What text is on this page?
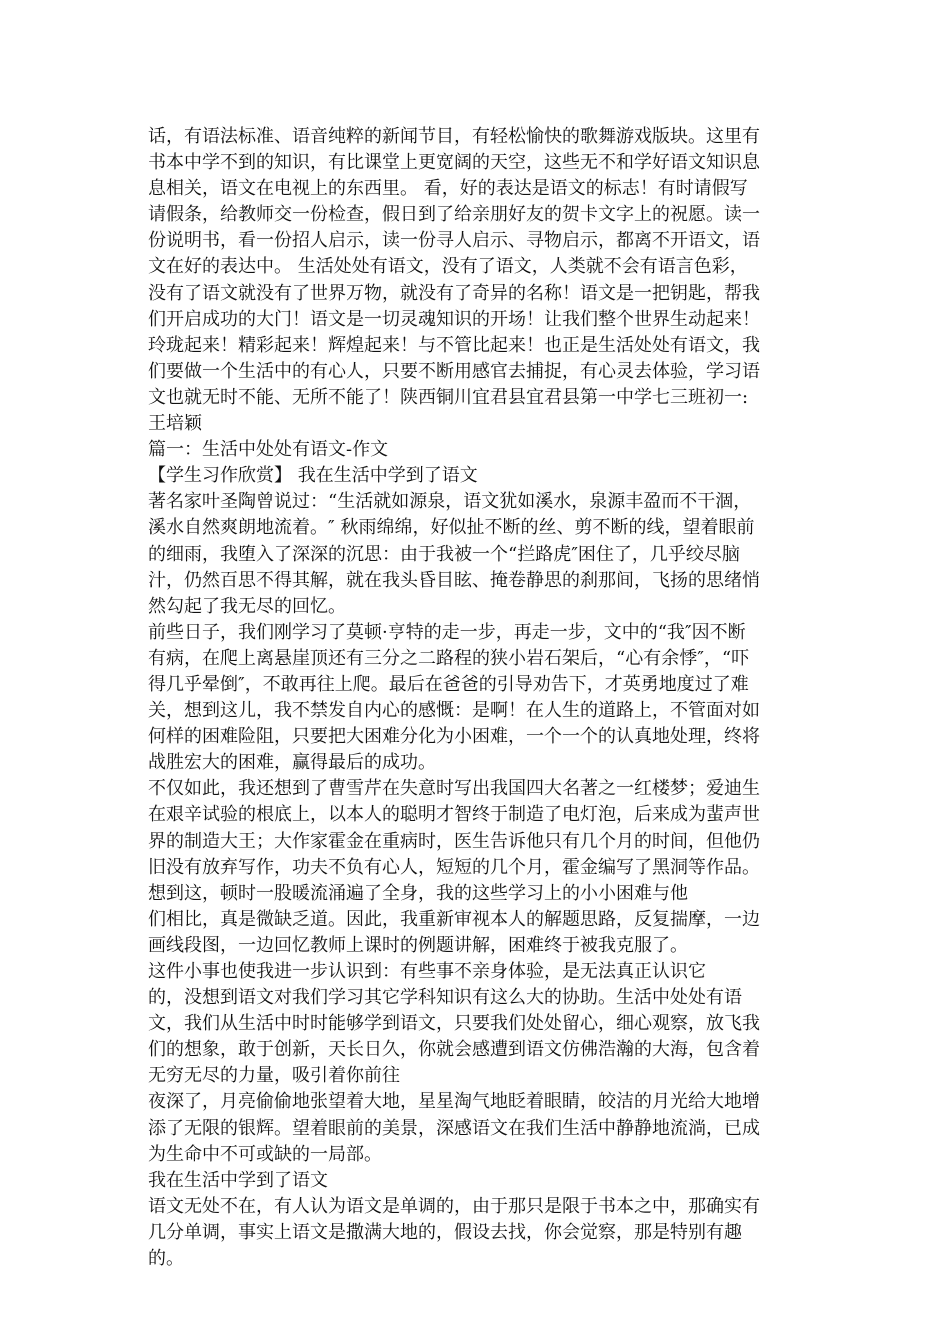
话，有语法标准、语音纯粹的新闻节目，有轻松愉快的歌舞游戏版块。这里有
书本中学不到的知识，有比课堂上更宽阔的天空，这些无不和学好语文知识息
息相关，语文在电视上的东西里。 看，好的表达是语文的标志！有时请假写
请假条，给教师交一份检查，假日到了给亲朋好友的贺卡文字上的祝愿。读一
份说明书，看一份招人启示，读一份寻人启示、寻物启示，都离不开语文，语
文在好的表达中。 生活处处有语文，没有了语文，人类就不会有语言色彩，
没有了语文就没有了世界万物，就没有了奇异的名称！语文是一把钥匙，帮我
们开启成功的大门！语文是一切灵魂知识的开场！让我们整个世界生动起来！
玲珑起来！精彩起来！辉煌起来！与不管比起来！也正是生活处处有语文，我
们要做一个生活中的有心人，只要不断用感官去捕捉，有心灵去体验，学习语
文也就无时不能、无所不能了！陕西铜川宜君县宜君县第一中学七三班初一:
王培颖
篇一：生活中处处有语文-作文
【学生习作欣赏】 我在生活中学到了语文
著名家叶圣陶曾说过：“生活就如源泉，语文犹如溪水，泉源丰盈而不干涸，
溪水自然爽朗地流着。″ 秋雨绵绵，好似扯不断的丝、剪不断的线，望着眼前
的细雨，我堕入了深深的沉思：由于我被一个“拦路虎″困住了，几乎绞尽脑
汁，仍然百思不得其解，就在我头昏目眩、掩卷静思的刹那间，飞扬的思绪悄
然勾起了我无尽的回忆。
前些日子，我们刚学习了莫顿·亨特的走一步，再走一步，文中的“我″因不断
有病，在爬上离悬崖顶还有三分之二路程的狭小岩石架后，“心有余悸″，“吓
得几乎晕倒″，不敢再往上爬。最后在爸爸的引导劝告下，才英勇地度过了难
关，想到这儿，我不禁发自内心的感慨：是啊！在人生的道路上，不管面对如
何样的困难险阻，只要把大困难分化为小困难，一个一个的认真地处理，终将
战胜宏大的困难，赢得最后的成功。
不仅如此，我还想到了曹雪芹在失意时写出我国四大名著之一红楼梦；爱迪生
在艰辛试验的根底上，以本人的聪明才智终于制造了电灯泡，后来成为蜚声世
界的制造大王；大作家霍金在重病时，医生告诉他只有几个月的时间，但他仍
旧没有放弃写作，功夫不负有心人，短短的几个月，霍金编写了黑洞等作品。
想到这，顿时一股暖流涌遍了全身，我的这些学习上的小小困难与他
们相比，真是微缺乏道。因此，我重新审视本人的解题思路，反复揣摩，一边
画线段图，一边回忆教师上课时的例题讲解，困难终于被我克服了。
这件小事也使我进一步认识到：有些事不亲身体验，是无法真正认识它
的，没想到语文对我们学习其它学科知识有这么大的协助。生活中处处有语
文，我们从生活中时时能够学到语文，只要我们处处留心，细心观察，放飞我
们的想象，敢于创新，天长日久，你就会感遭到语文仿佛浩瀚的大海，包含着
无穷无尽的力量，吸引着你前往
夜深了，月亮偷偷地张望着大地，星星淘气地眨着眼睛，皎洁的月光给大地增
添了无限的银辉。望着眼前的美景，深感语文在我们生活中静静地流淌，已成
为生命中不可或缺的一局部。
我在生活中学到了语文
语文无处不在，有人认为语文是单调的，由于那只是限于书本之中，那确实有
几分单调，事实上语文是撒满大地的，假设去找，你会觉察，那是特别有趣
的。
